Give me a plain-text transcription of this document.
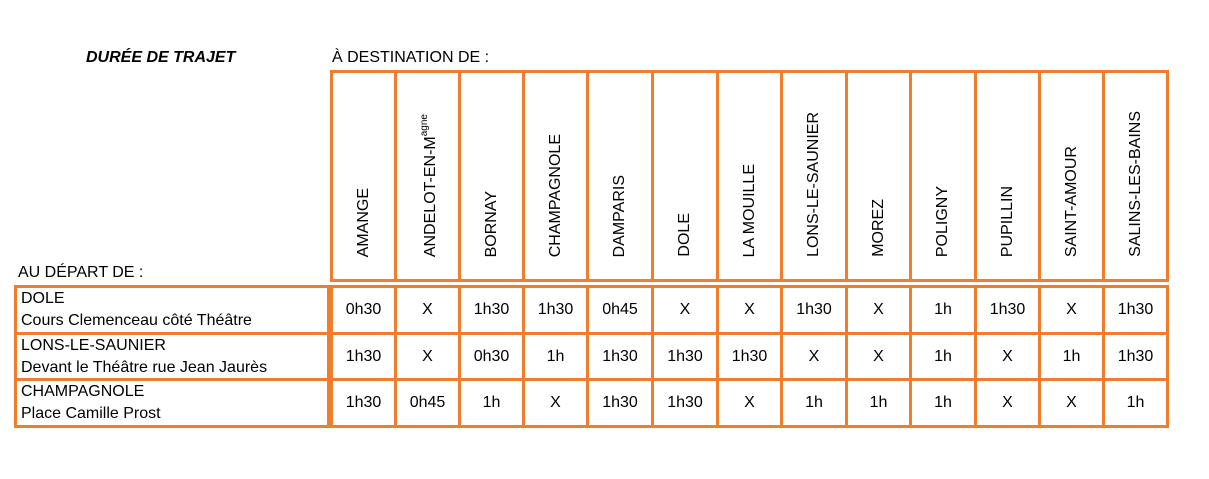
DURÉE DE TRAJET	À DESTINATION DE :
AU DÉPART DE :
AMANGE	ANDELOT-$EN-M^{agne}$
BORNAY	CHAMPAGNOLE	DAMPARIS	DOLE	LA MOUILLE	LONS-LE-SAUNIER	MOREZ	POLIGNY	PUPILLIN	SAINT-AMOUR	SALINS-LES-BAINS
DOLE
Cours Clemenceau côté Théâtre
0h30	X	1h30	1h30	0h45	X	X	1h30	X	1h	1h30	X	1h30
LONS-LE-SAUNIER
Devant le Théâtre rue Jean Jaurès
1h30	X	0h30	1h	1h30	1h30	1h30	X	X	1h	X	1h	1h30
CHAMPAGNOLE
Place Camille Prost
1h30	0h45	1h	X	1h30	1h30	X	1h	1h	1h	X	X	1h
